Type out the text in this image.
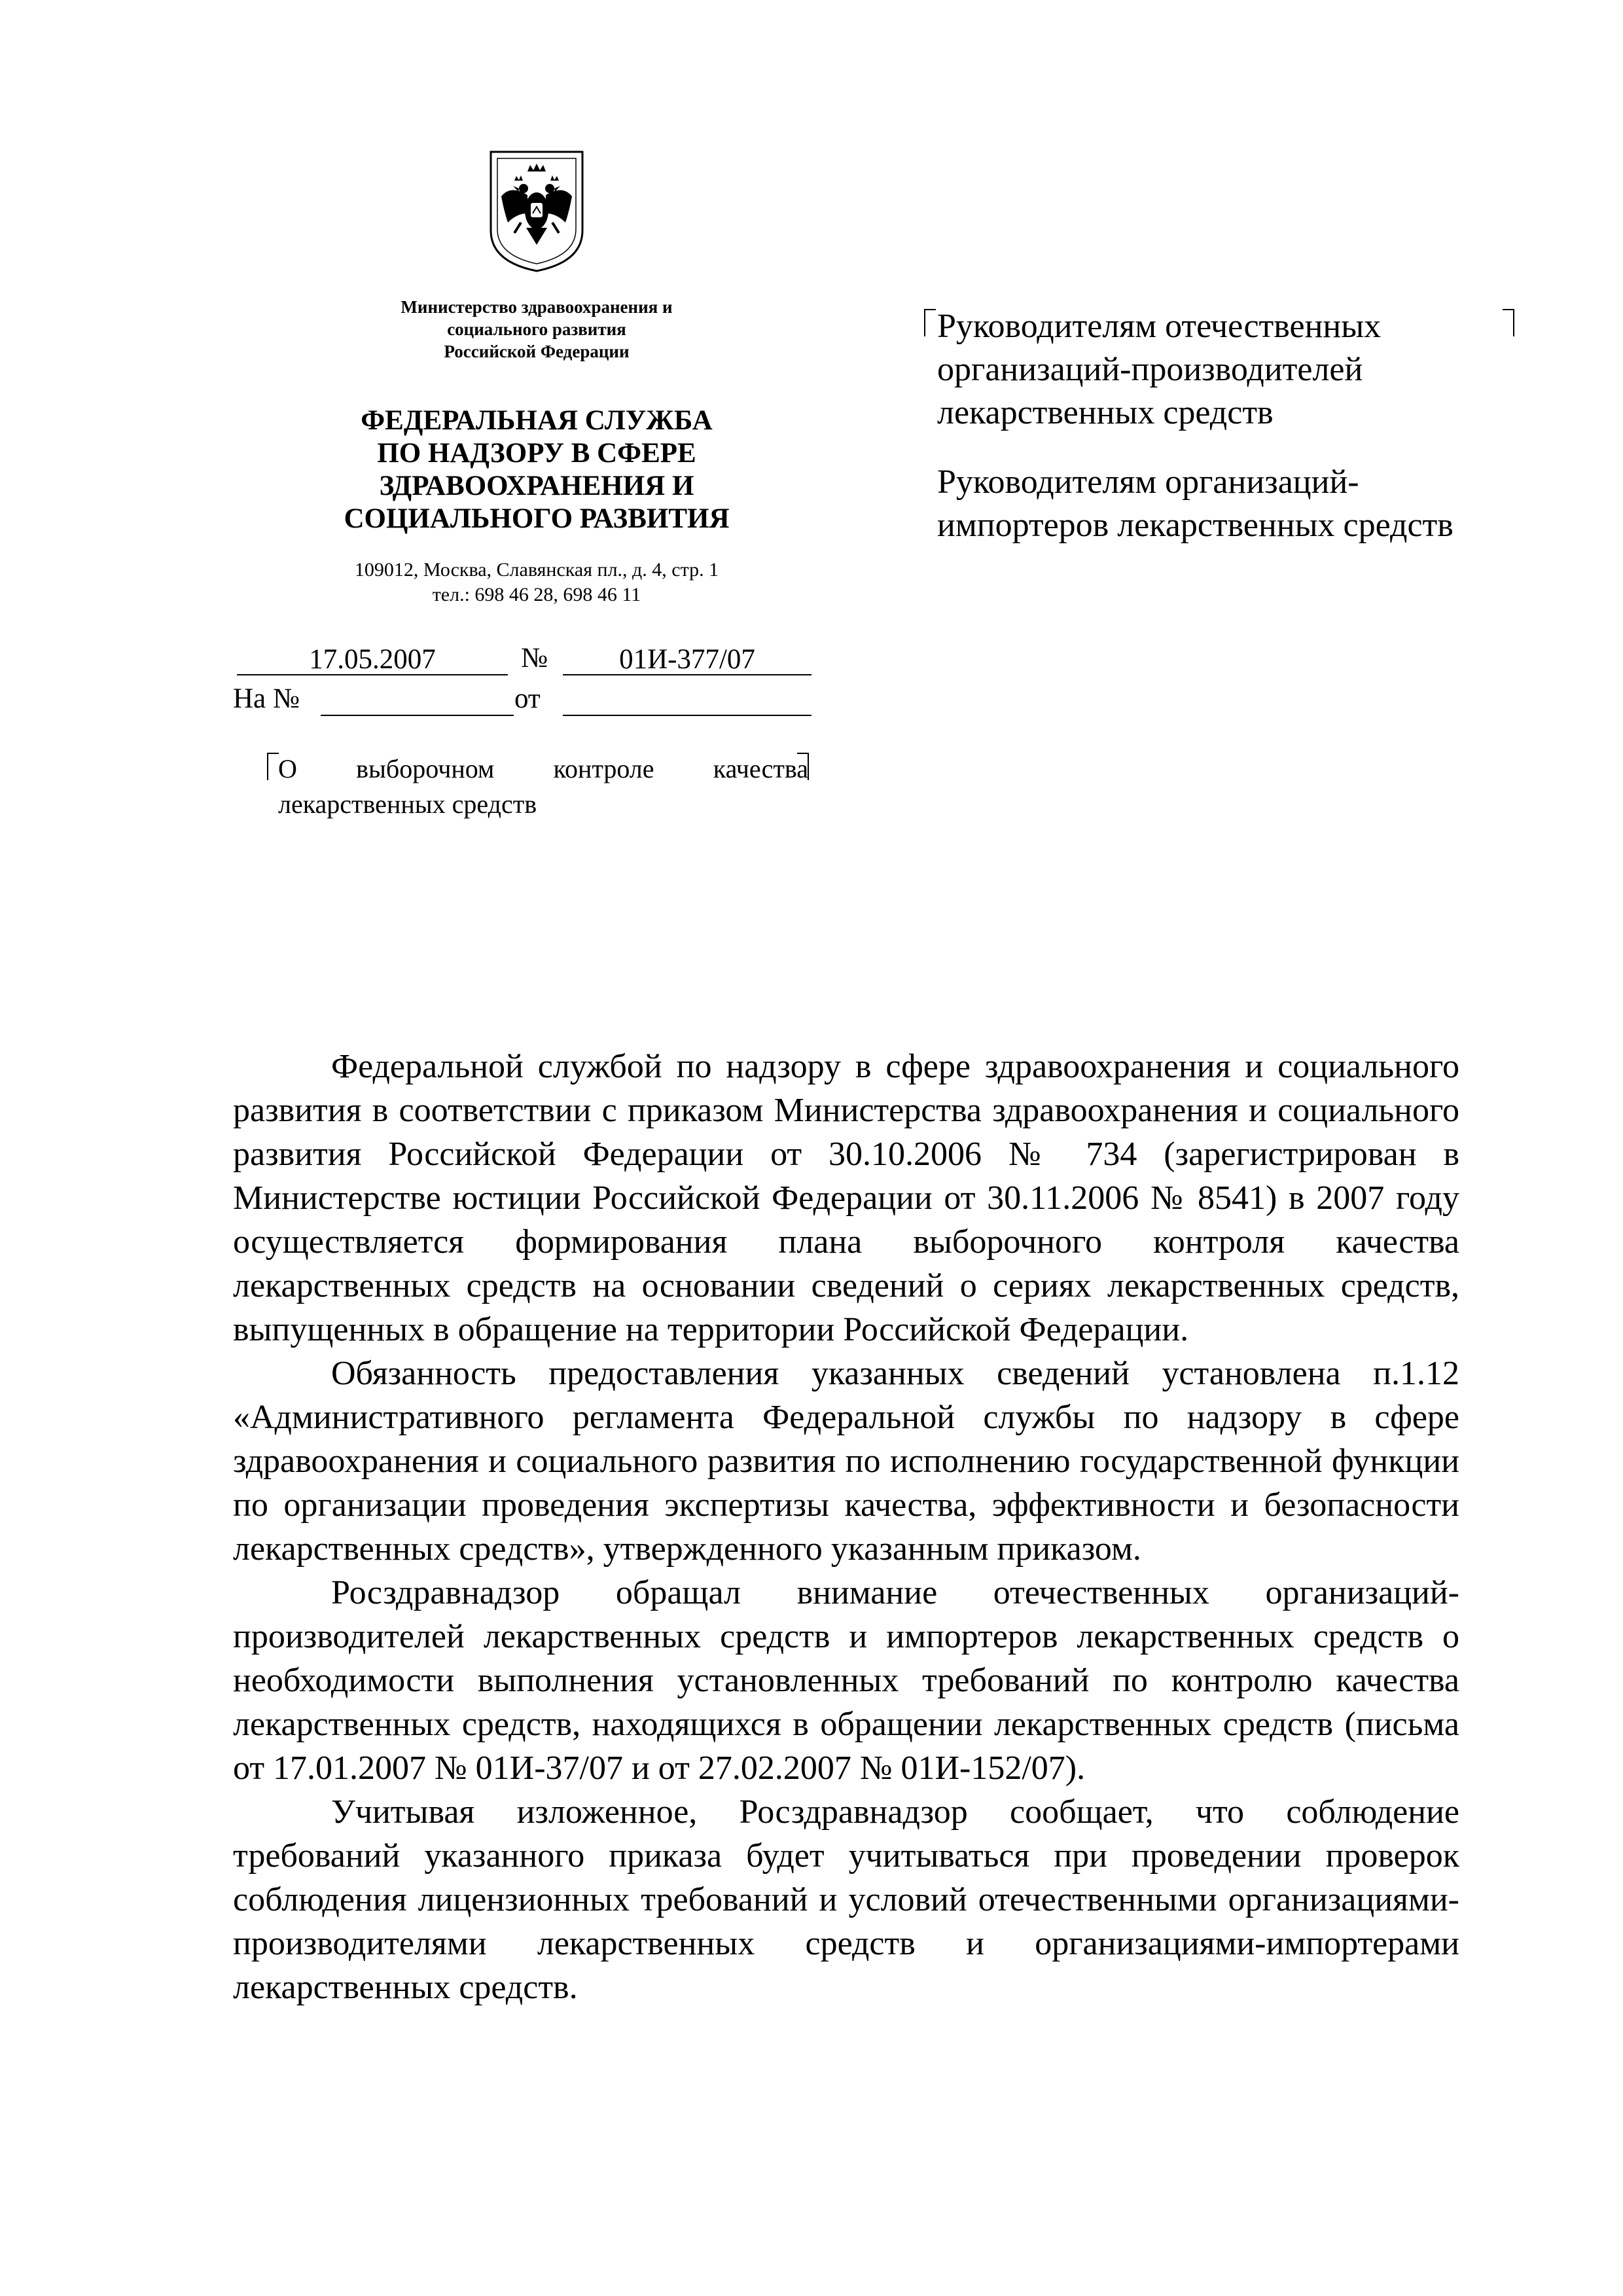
Министерство здравоохранения и
социального развития
Российской Федерации
ФЕДЕРАЛЬНАЯ СЛУЖБА
ПО НАДЗОРУ В СФЕРЕ
ЗДРАВООХРАНЕНИЯ И
СОЦИАЛЬНОГО РАЗВИТИЯ
109012, Москва, Славянская пл., д. 4, стр. 1
тел.: 698 46 28, 698 46 11
17.05.2007	№	01И-377/07
На №	от
О выборочном контроле качества
лекарственных средств

Руководителям отечественных
организаций-производителей
лекарственных средств

Руководителям организаций-
импортеров лекарственных средств

Федеральной службой по надзору в сфере здравоохранения и социального развития в соответствии с приказом Министерства здравоохранения и социального развития Российской Федерации от 30.10.2006 № 734 (зарегистрирован в Министерстве юстиции Российской Федерации от 30.11.2006 № 8541) в 2007 году осуществляется формирования плана выборочного контроля качества лекарственных средств на основании сведений о сериях лекарственных средств, выпущенных в обращение на территории Российской Федерации.

Обязанность предоставления указанных сведений установлена п.1.12 «Административного регламента Федеральной службы по надзору в сфере здравоохранения и социального развития по исполнению государственной функции по организации проведения экспертизы качества, эффективности и безопасности лекарственных средств», утвержденного указанным приказом.

Росздравнадзор обращал внимание отечественных организаций-производителей лекарственных средств и импортеров лекарственных средств о необходимости выполнения установленных требований по контролю качества лекарственных средств, находящихся в обращении лекарственных средств (письма от 17.01.2007 № 01И-37/07 и от 27.02.2007 № 01И-152/07).

Учитывая изложенное, Росздравнадзор сообщает, что соблюдение требований указанного приказа будет учитываться при проведении проверок соблюдения лицензионных требований и условий отечественными организациями-производителями лекарственных средств и организациями-импортерами лекарственных средств.
